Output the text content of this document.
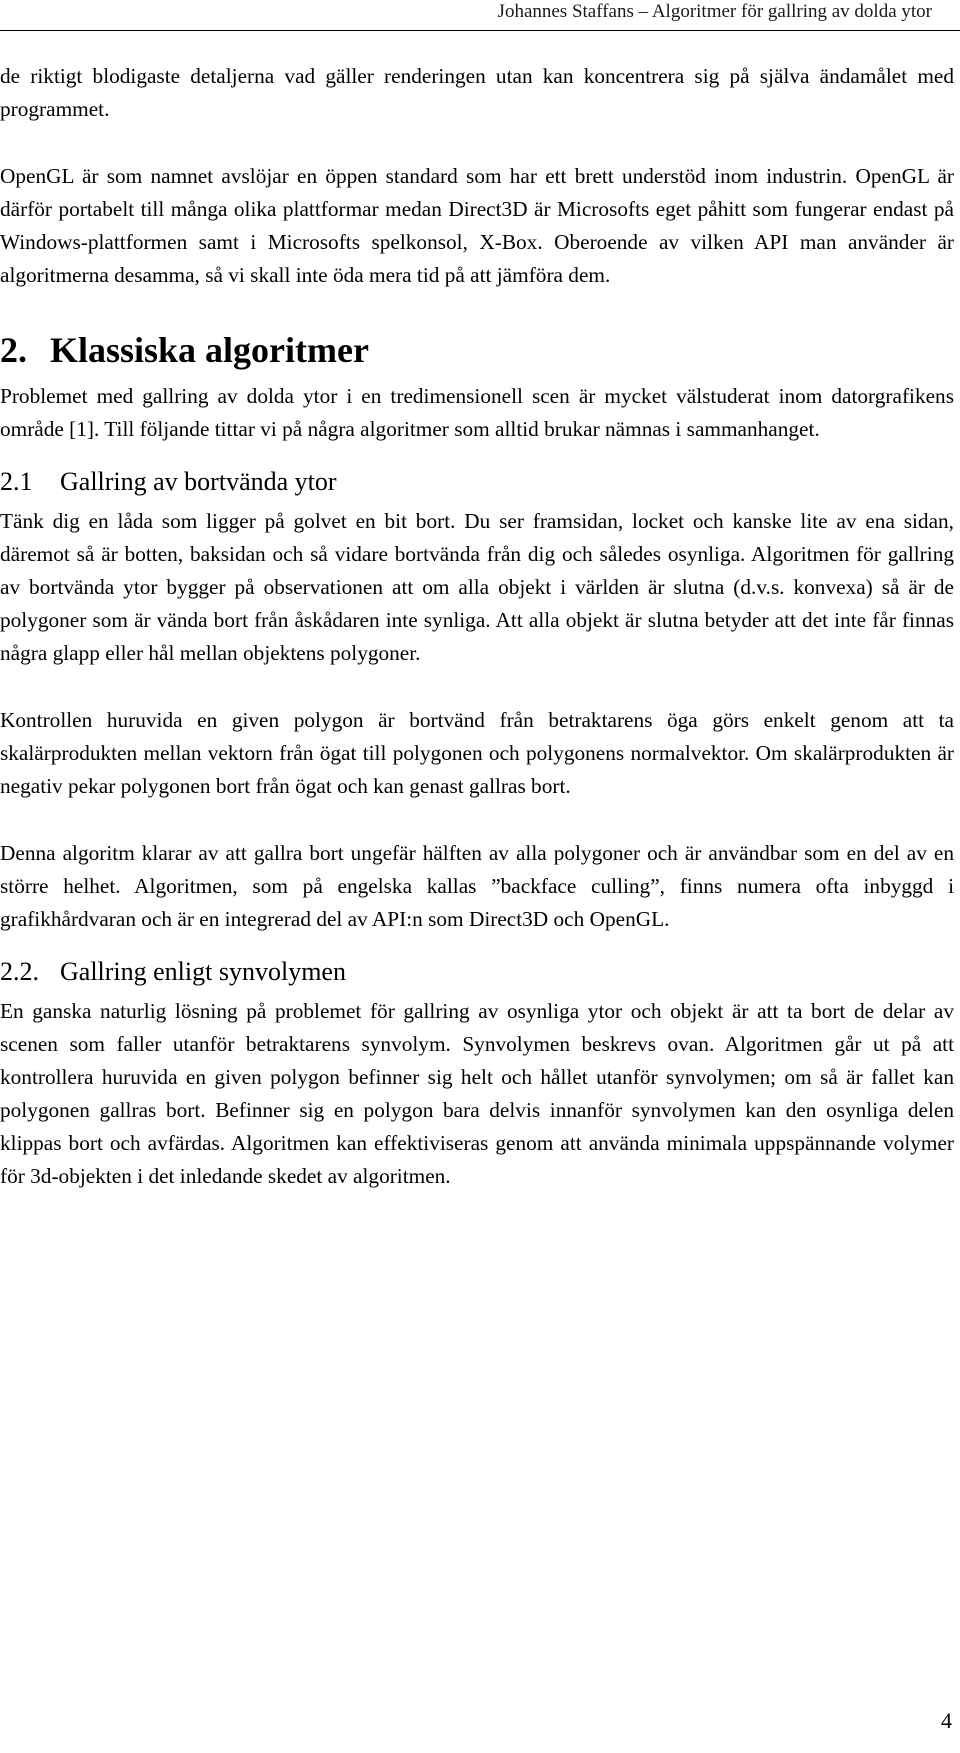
Johannes Staffans – Algoritmer för gallring av dolda ytor

de riktigt blodigaste detaljerna vad gäller renderingen utan kan koncentrera sig på själva ändamålet med programmet.

OpenGL är som namnet avslöjar en öppen standard som har ett brett understöd inom industrin. OpenGL är därför portabelt till många olika plattformar medan Direct3D är Microsofts eget påhitt som fungerar endast på Windows-plattformen samt i Microsofts spelkonsol, X-Box. Oberoende av vilken API man använder är algoritmerna desamma, så vi skall inte öda mera tid på att jämföra dem.

2. Klassiska algoritmer

Problemet med gallring av dolda ytor i en tredimensionell scen är mycket välstuderat inom datorgrafikens område [1]. Till följande tittar vi på några algoritmer som alltid brukar nämnas i sammanhanget.

2.1 Gallring av bortvända ytor

Tänk dig en låda som ligger på golvet en bit bort. Du ser framsidan, locket och kanske lite av ena sidan, däremot så är botten, baksidan och så vidare bortvända från dig och således osynliga. Algoritmen för gallring av bortvända ytor bygger på observationen att om alla objekt i världen är slutna (d.v.s. konvexa) så är de polygoner som är vända bort från åskådaren inte synliga. Att alla objekt är slutna betyder att det inte får finnas några glapp eller hål mellan objektens polygoner.

Kontrollen huruvida en given polygon är bortvänd från betraktarens öga görs enkelt genom att ta skalärprodukten mellan vektorn från ögat till polygonen och polygonens normalvektor. Om skalärprodukten är negativ pekar polygonen bort från ögat och kan genast gallras bort.

Denna algoritm klarar av att gallra bort ungefär hälften av alla polygoner och är användbar som en del av en större helhet. Algoritmen, som på engelska kallas ”backface culling”, finns numera ofta inbyggd i grafikhårdvaran och är en integrerad del av API:n som Direct3D och OpenGL.

2.2. Gallring enligt synvolymen

En ganska naturlig lösning på problemet för gallring av osynliga ytor och objekt är att ta bort de delar av scenen som faller utanför betraktarens synvolym. Synvolymen beskrevs ovan. Algoritmen går ut på att kontrollera huruvida en given polygon befinner sig helt och hållet utanför synvolymen; om så är fallet kan polygonen gallras bort. Befinner sig en polygon bara delvis innanför synvolymen kan den osynliga delen klippas bort och avfärdas. Algoritmen kan effektiviseras genom att använda minimala uppspännande volymer för 3d-objekten i det inledande skedet av algoritmen.

4
